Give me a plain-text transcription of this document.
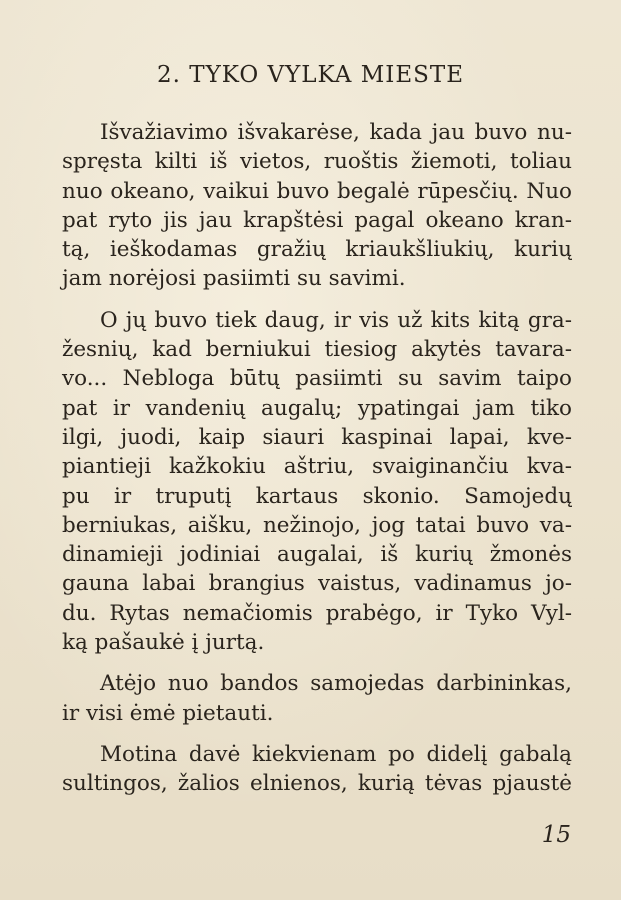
2. TYKO VYLKA MIESTE
Išvažiavimo išvakarėse, kada jau buvo nu-
spręsta kilti iš vietos, ruoštis žiemoti, toliau
nuo okeano, vaikui buvo begalė rūpesčių. Nuo
pat ryto jis jau krapštėsi pagal okeano kran-
tą, ieškodamas gražių kriaukšliukių, kurių
jam norėjosi pasiimti su savimi.
O jų buvo tiek daug, ir vis už kits kitą gra-
žesnių, kad berniukui tiesiog akytės tavara-
vo... Nebloga būtų pasiimti su savim taipo
pat ir vandenių augalų; ypatingai jam tiko
ilgi, juodi, kaip siauri kaspinai lapai, kve-
piantieji kažkokiu aštriu, svaiginančiu kva-
pu ir truputį kartaus skonio. Samojedų
berniukas, aišku, nežinojo, jog tatai buvo va-
dinamieji jodiniai augalai, iš kurių žmonės
gauna labai brangius vaistus, vadinamus jo-
du. Rytas nemačiomis prabėgo, ir Tyko Vyl-
ką pašaukė į jurtą.
Atėjo nuo bandos samojedas darbininkas,
ir visi ėmė pietauti.
Motina davė kiekvienam po didelį gabalą
sultingos, žalios elnienos, kurią tėvas pjaustė
15
